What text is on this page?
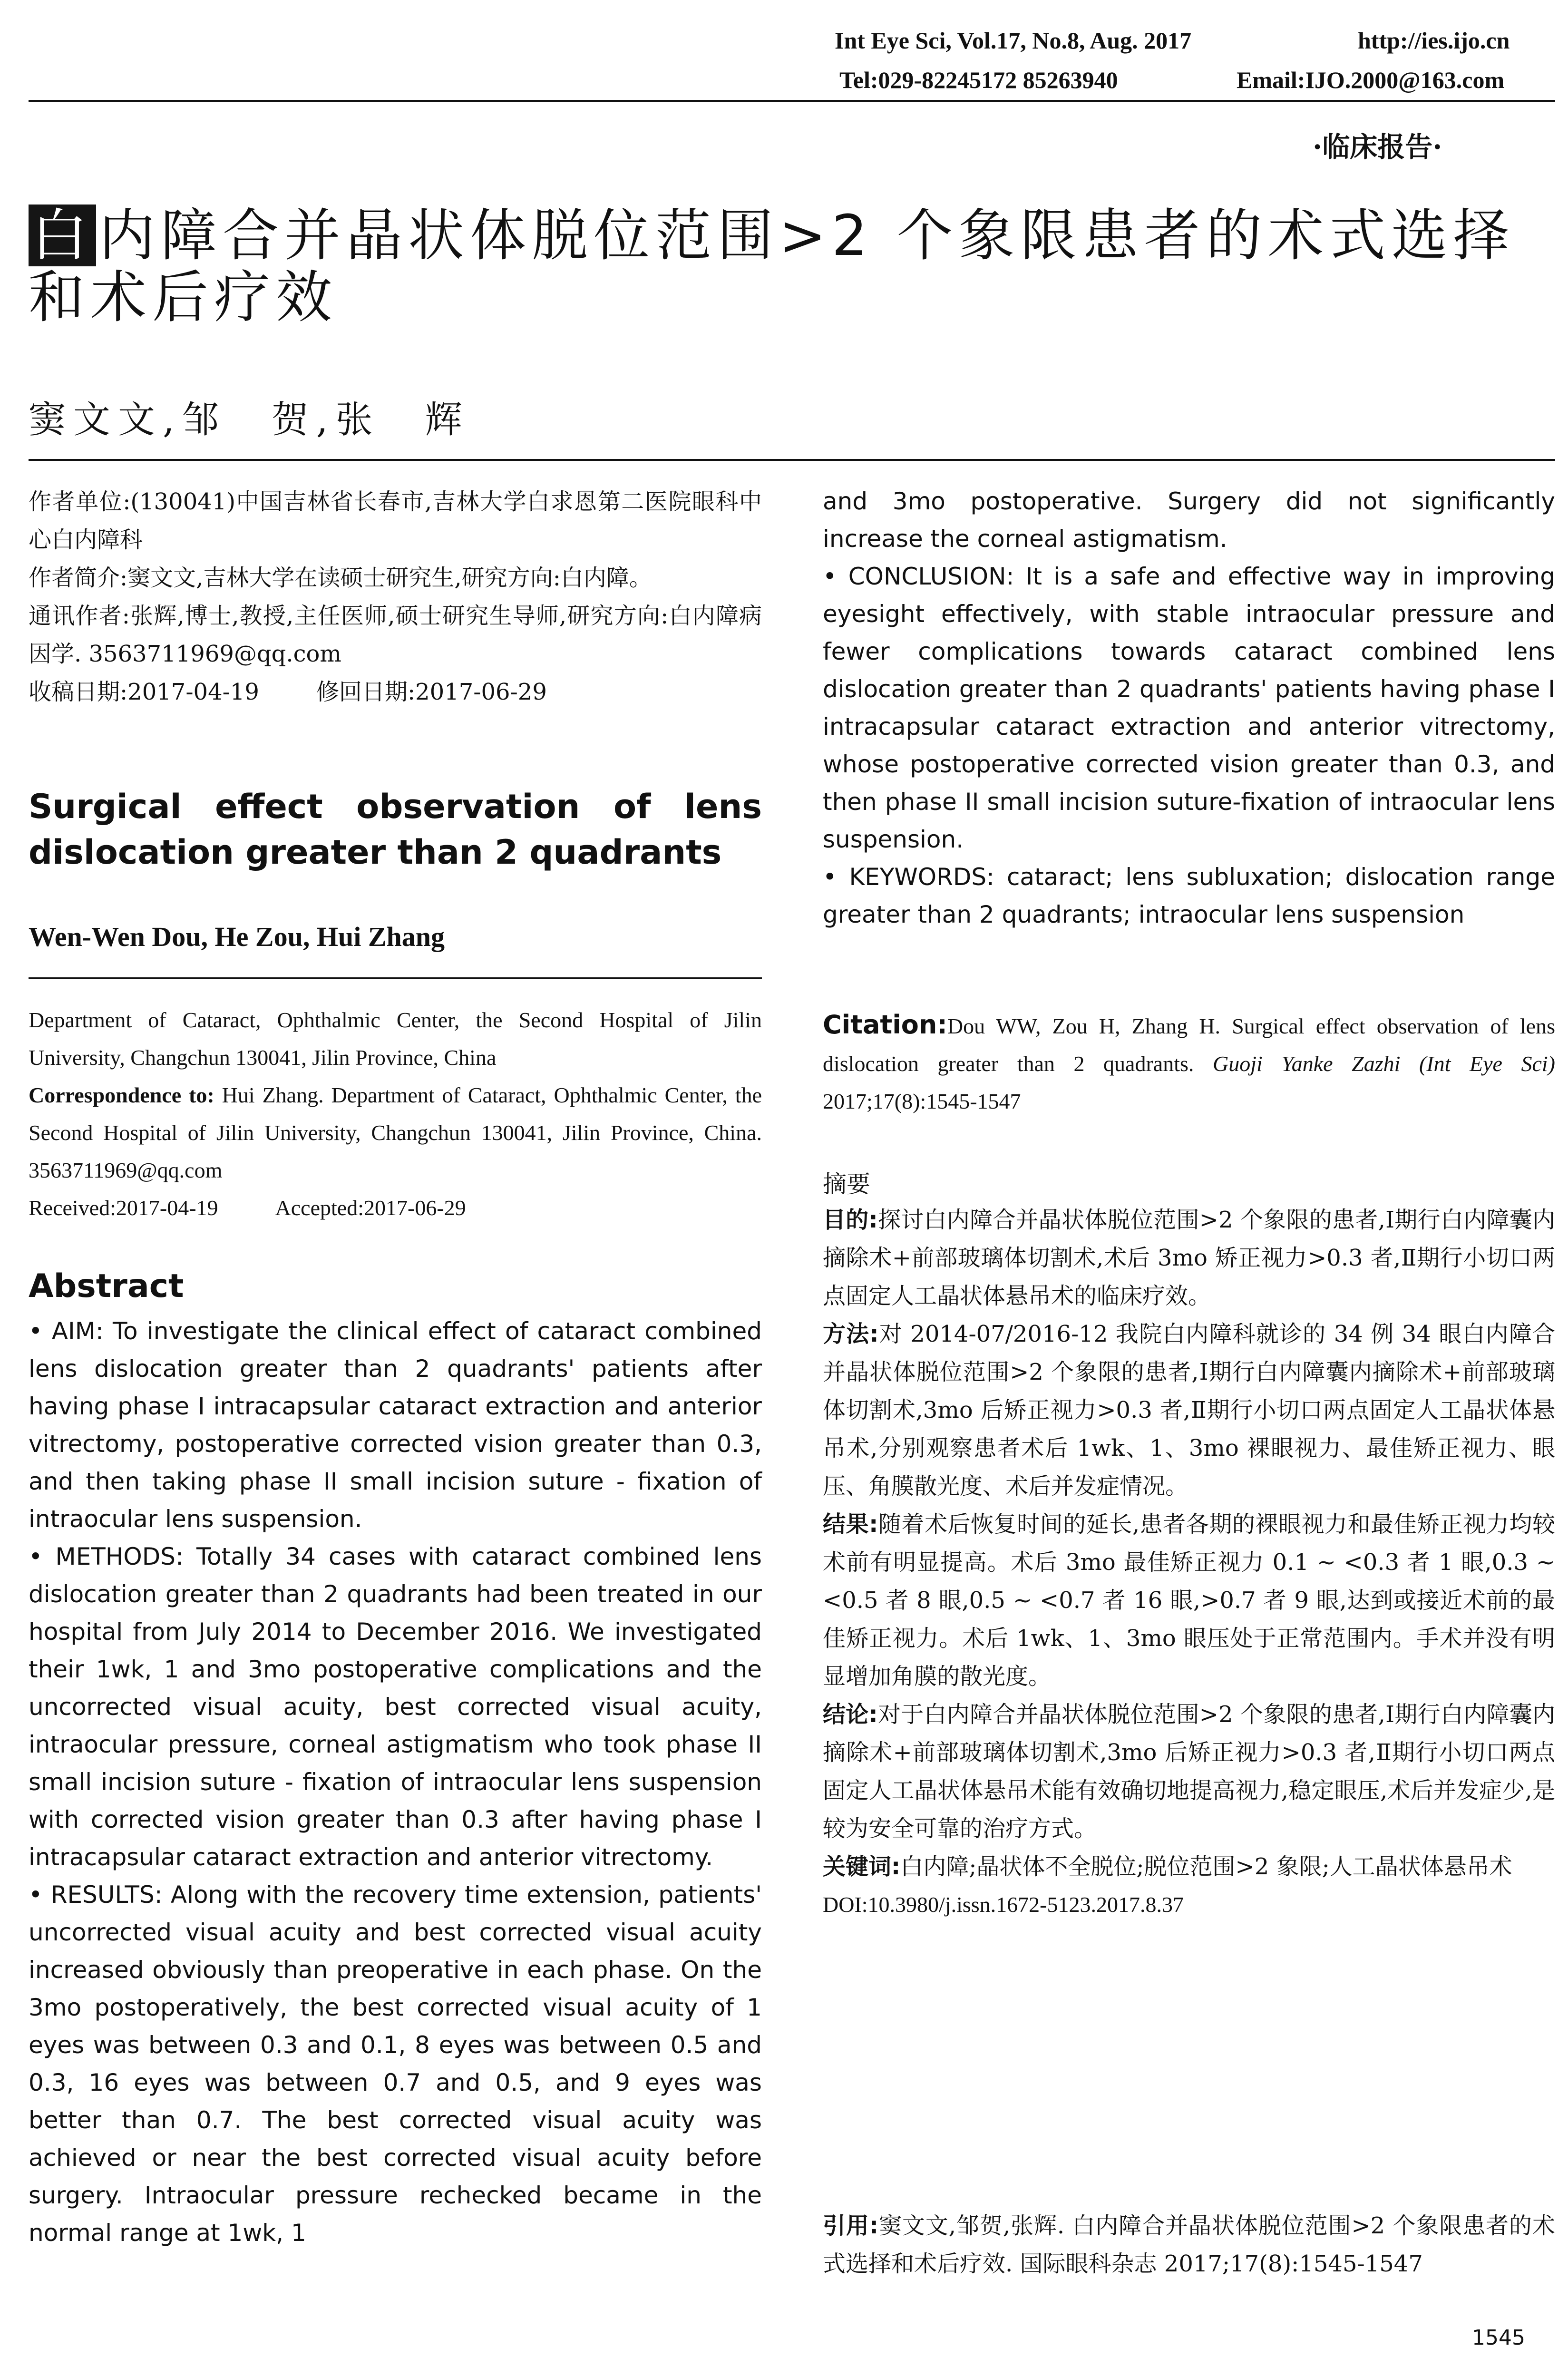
Int Eye Sci, Vol.17, No.8, Aug. 2017	http://ies.ijo.cn
Tel:029-82245172 85263940	Email:IJO.2000@163.com
·临床报告·
白 内障合并晶状体脱位范围>2 个象限患者的术式选择和术后疗效
窦文文,邹　贺,张　辉

作者单位:(130041)中国吉林省长春市,吉林大学白求恩第二医院眼科中心白内障科

作者简介:窦文文,吉林大学在读硕士研究生,研究方向:白内障。

通讯作者:张辉,博士,教授,主任医师,硕士研究生导师,研究方向:白内障病因学. 3563711969@qq.com

收稿日期:2017-04-19	修回日期:2017-06-29

Surgical effect observation of lens dislocation greater than 2 quadrants
Wen-Wen Dou, He Zou, Hui Zhang

Department of Cataract, Ophthalmic Center, the Second Hospital of Jilin University, Changchun 130041, Jilin Province, China

Correspondence to: Hui Zhang. Department of Cataract, Ophthalmic Center, the Second Hospital of Jilin University, Changchun 130041, Jilin Province, China. 3563711969@qq.com

Received:2017-04-19	Accepted:2017-06-29

Abstract

• AIM: To investigate the clinical effect of cataract combined lens dislocation greater than 2 quadrants' patients after having phase I intracapsular cataract extraction and anterior vitrectomy, postoperative corrected vision greater than 0.3, and then taking phase II small incision suture - fixation of intraocular lens suspension.

• METHODS: Totally 34 cases with cataract combined lens dislocation greater than 2 quadrants had been treated in our hospital from July 2014 to December 2016. We investigated their 1wk, 1 and 3mo postoperative complications and the uncorrected visual acuity, best corrected visual acuity, intraocular pressure, corneal astigmatism who took phase II small incision suture - fixation of intraocular lens suspension with corrected vision greater than 0.3 after having phase I intracapsular cataract extraction and anterior vitrectomy.

• RESULTS: Along with the recovery time extension, patients' uncorrected visual acuity and best corrected visual acuity increased obviously than preoperative in each phase. On the 3mo postoperatively, the best corrected visual acuity of 1 eyes was between 0.3 and 0.1, 8 eyes was between 0.5 and 0.3, 16 eyes was between 0.7 and 0.5, and 9 eyes was better than 0.7. The best corrected visual acuity was achieved or near the best corrected visual acuity before surgery. Intraocular pressure rechecked became in the normal range at 1wk, 1

and 3mo postoperative. Surgery did not significantly increase the corneal astigmatism.

• CONCLUSION: It is a safe and effective way in improving eyesight effectively, with stable intraocular pressure and fewer complications towards cataract combined lens dislocation greater than 2 quadrants' patients having phase I intracapsular cataract extraction and anterior vitrectomy, whose postoperative corrected vision greater than 0.3, and then phase II small incision suture-fixation of intraocular lens suspension.

• KEYWORDS: cataract; lens subluxation; dislocation range greater than 2 quadrants; intraocular lens suspension

Citation:Dou WW, Zou H, Zhang H. Surgical effect observation of lens dislocation greater than 2 quadrants. Guoji Yanke Zazhi (Int Eye Sci) 2017;17(8):1545-1547

摘要

目的:探讨白内障合并晶状体脱位范围>2 个象限的患者,Ⅰ期行白内障囊内摘除术+前部玻璃体切割术,术后 3mo 矫正视力>0.3 者,Ⅱ期行小切口两点固定人工晶状体悬吊术的临床疗效。

方法:对 2014-07/2016-12 我院白内障科就诊的 34 例 34 眼白内障合并晶状体脱位范围>2 个象限的患者,Ⅰ期行白内障囊内摘除术+前部玻璃体切割术,3mo 后矫正视力>0.3 者,Ⅱ期行小切口两点固定人工晶状体悬吊术,分别观察患者术后 1wk、1、3mo 裸眼视力、最佳矫正视力、眼压、角膜散光度、术后并发症情况。

结果:随着术后恢复时间的延长,患者各期的裸眼视力和最佳矫正视力均较术前有明显提高。术后 3mo 最佳矫正视力 0.1 ~ <0.3 者 1 眼,0.3 ~ <0.5 者 8 眼,0.5 ~ <0.7 者 16 眼,>0.7 者 9 眼,达到或接近术前的最佳矫正视力。术后 1wk、1、3mo 眼压处于正常范围内。手术并没有明显增加角膜的散光度。

结论:对于白内障合并晶状体脱位范围>2 个象限的患者,Ⅰ期行白内障囊内摘除术+前部玻璃体切割术,3mo 后矫正视力>0.3 者,Ⅱ期行小切口两点固定人工晶状体悬吊术能有效确切地提高视力,稳定眼压,术后并发症少,是较为安全可靠的治疗方式。

关键词:白内障;晶状体不全脱位;脱位范围>2 象限;人工晶状体悬吊术

DOI:10.3980/j.issn.1672-5123.2017.8.37

引用:窦文文,邹贺,张辉. 白内障合并晶状体脱位范围>2 个象限患者的术式选择和术后疗效. 国际眼科杂志 2017;17(8):1545-1547

1545
